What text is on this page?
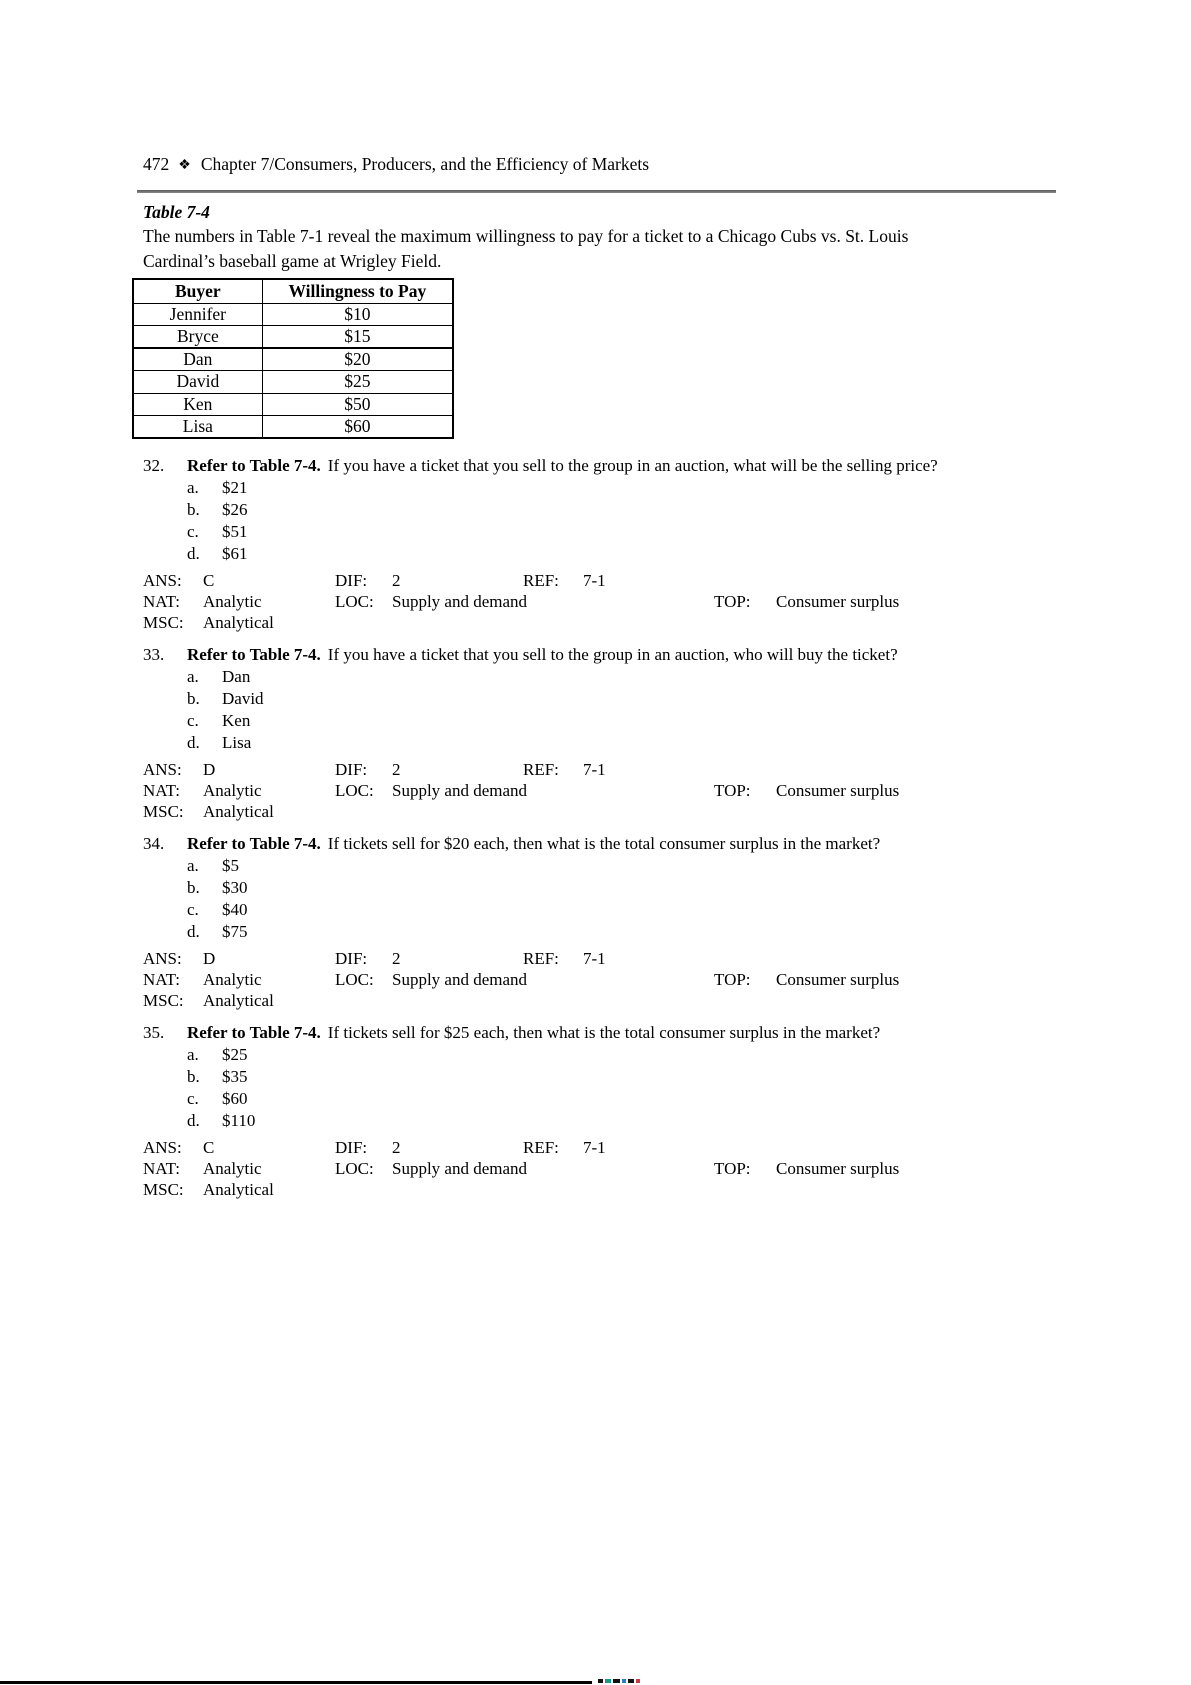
472 ❖ Chapter 7/Consumers, Producers, and the Efficiency of Markets
Table 7-4
The numbers in Table 7-1 reveal the maximum willingness to pay for a ticket to a Chicago Cubs vs. St. Louis Cardinal’s baseball game at Wrigley Field.
Buyer	Willingness to Pay
Jennifer	$10
Bryce	$15
Dan	$20
David	$25
Ken	$50
Lisa	$60
32.	Refer to Table 7-4. If you have a ticket that you sell to the group in an auction, what will be the selling price?
a.	$21
b.	$26
c.	$51
d.	$61
ANS: C	DIF: 2	REF: 7-1
NAT: Analytic	LOC: Supply and demand	TOP: Consumer surplus
MSC: Analytical
33.	Refer to Table 7-4. If you have a ticket that you sell to the group in an auction, who will buy the ticket?
a.	Dan
b.	David
c.	Ken
d.	Lisa
ANS: D	DIF: 2	REF: 7-1
NAT: Analytic	LOC: Supply and demand	TOP: Consumer surplus
MSC: Analytical
34.	Refer to Table 7-4. If tickets sell for $20 each, then what is the total consumer surplus in the market?
a.	$5
b.	$30
c.	$40
d.	$75
ANS: D	DIF: 2	REF: 7-1
NAT: Analytic	LOC: Supply and demand	TOP: Consumer surplus
MSC: Analytical
35.	Refer to Table 7-4. If tickets sell for $25 each, then what is the total consumer surplus in the market?
a.	$25
b.	$35
c.	$60
d.	$110
ANS: C	DIF: 2	REF: 7-1
NAT: Analytic	LOC: Supply and demand	TOP: Consumer surplus
MSC: Analytical
